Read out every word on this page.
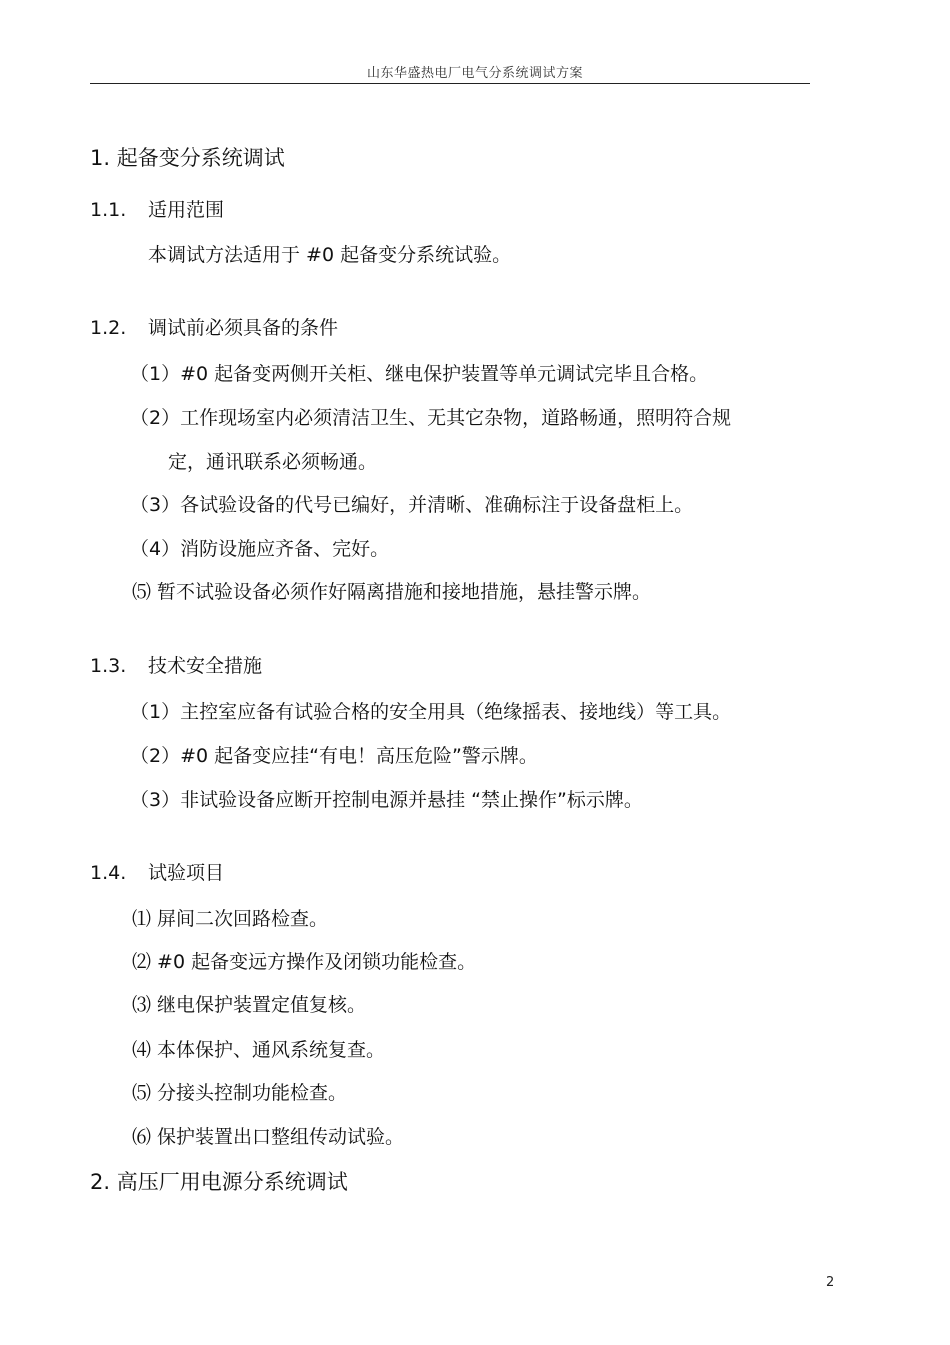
山东华盛热电厂电气分系统调试方案
1. 起备变分系统调试
1.1. 适用范围
本调试方法适用于 #0 起备变分系统试验。
1.2. 调试前必须具备的条件
（1）#0 起备变两侧开关柜、继电保护装置等单元调试完毕且合格。
（2）工作现场室内必须清洁卫生、无其它杂物，道路畅通，照明符合规
定，通讯联系必须畅通。
（3）各试验设备的代号已编好，并清晰、准确标注于设备盘柜上。
（4）消防设施应齐备、完好。
⑸ 暂不试验设备必须作好隔离措施和接地措施，悬挂警示牌。
1.3. 技术安全措施
（1）主控室应备有试验合格的安全用具（绝缘摇表、接地线）等工具。
（2）#0 起备变应挂“有电！高压危险”警示牌。
（3）非试验设备应断开控制电源并悬挂 “禁止操作”标示牌。
1.4. 试验项目
⑴ 屏间二次回路检查。
⑵ #0 起备变远方操作及闭锁功能检查。
⑶ 继电保护装置定值复核。
⑷ 本体保护、通风系统复查。
⑸ 分接头控制功能检查。
⑹ 保护装置出口整组传动试验。
2. 高压厂用电源分系统调试
2
